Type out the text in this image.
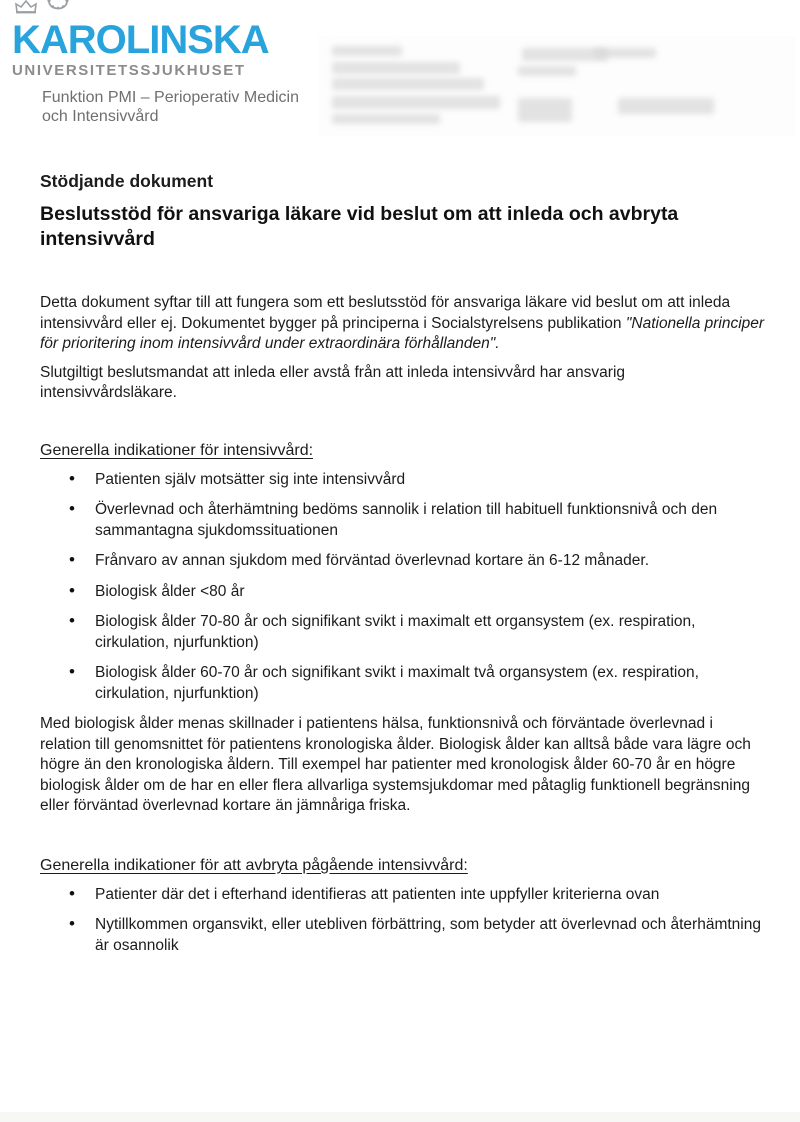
KAROLINSKA
UNIVERSITETSSJUKHUSET
Funktion PMI – Perioperativ Medicin
och Intensivvård

Stödjande dokument

Beslutsstöd för ansvariga läkare vid beslut om att inleda och avbryta intensivvård

Detta dokument syftar till att fungera som ett beslutsstöd för ansvariga läkare vid beslut om att inleda intensivvård eller ej. Dokumentet bygger på principerna i Socialstyrelsens publikation "Nationella principer för prioritering inom intensivvård under extraordinära förhållanden".

Slutgiltigt beslutsmandat att inleda eller avstå från att inleda intensivvård har ansvarig intensivvårdsläkare.

Generella indikationer för intensivvård:
• Patienten själv motsätter sig inte intensivvård
• Överlevnad och återhämtning bedöms sannolik i relation till habituell funktionsnivå och den sammantagna sjukdomssituationen
• Frånvaro av annan sjukdom med förväntad överlevnad kortare än 6-12 månader.
• Biologisk ålder <80 år
• Biologisk ålder 70-80 år och signifikant svikt i maximalt ett organsystem (ex. respiration, cirkulation, njurfunktion)
• Biologisk ålder 60-70 år och signifikant svikt i maximalt två organsystem (ex. respiration, cirkulation, njurfunktion)

Med biologisk ålder menas skillnader i patientens hälsa, funktionsnivå och förväntade överlevnad i relation till genomsnittet för patientens kronologiska ålder. Biologisk ålder kan alltså både vara lägre och högre än den kronologiska åldern. Till exempel har patienter med kronologisk ålder 60-70 år en högre biologisk ålder om de har en eller flera allvarliga systemsjukdomar med påtaglig funktionell begränsning eller förväntad överlevnad kortare än jämnåriga friska.

Generella indikationer för att avbryta pågående intensivvård:
• Patienter där det i efterhand identifieras att patienten inte uppfyller kriterierna ovan
• Nytillkommen organsvikt, eller utebliven förbättring, som betyder att överlevnad och återhämtning är osannolik
